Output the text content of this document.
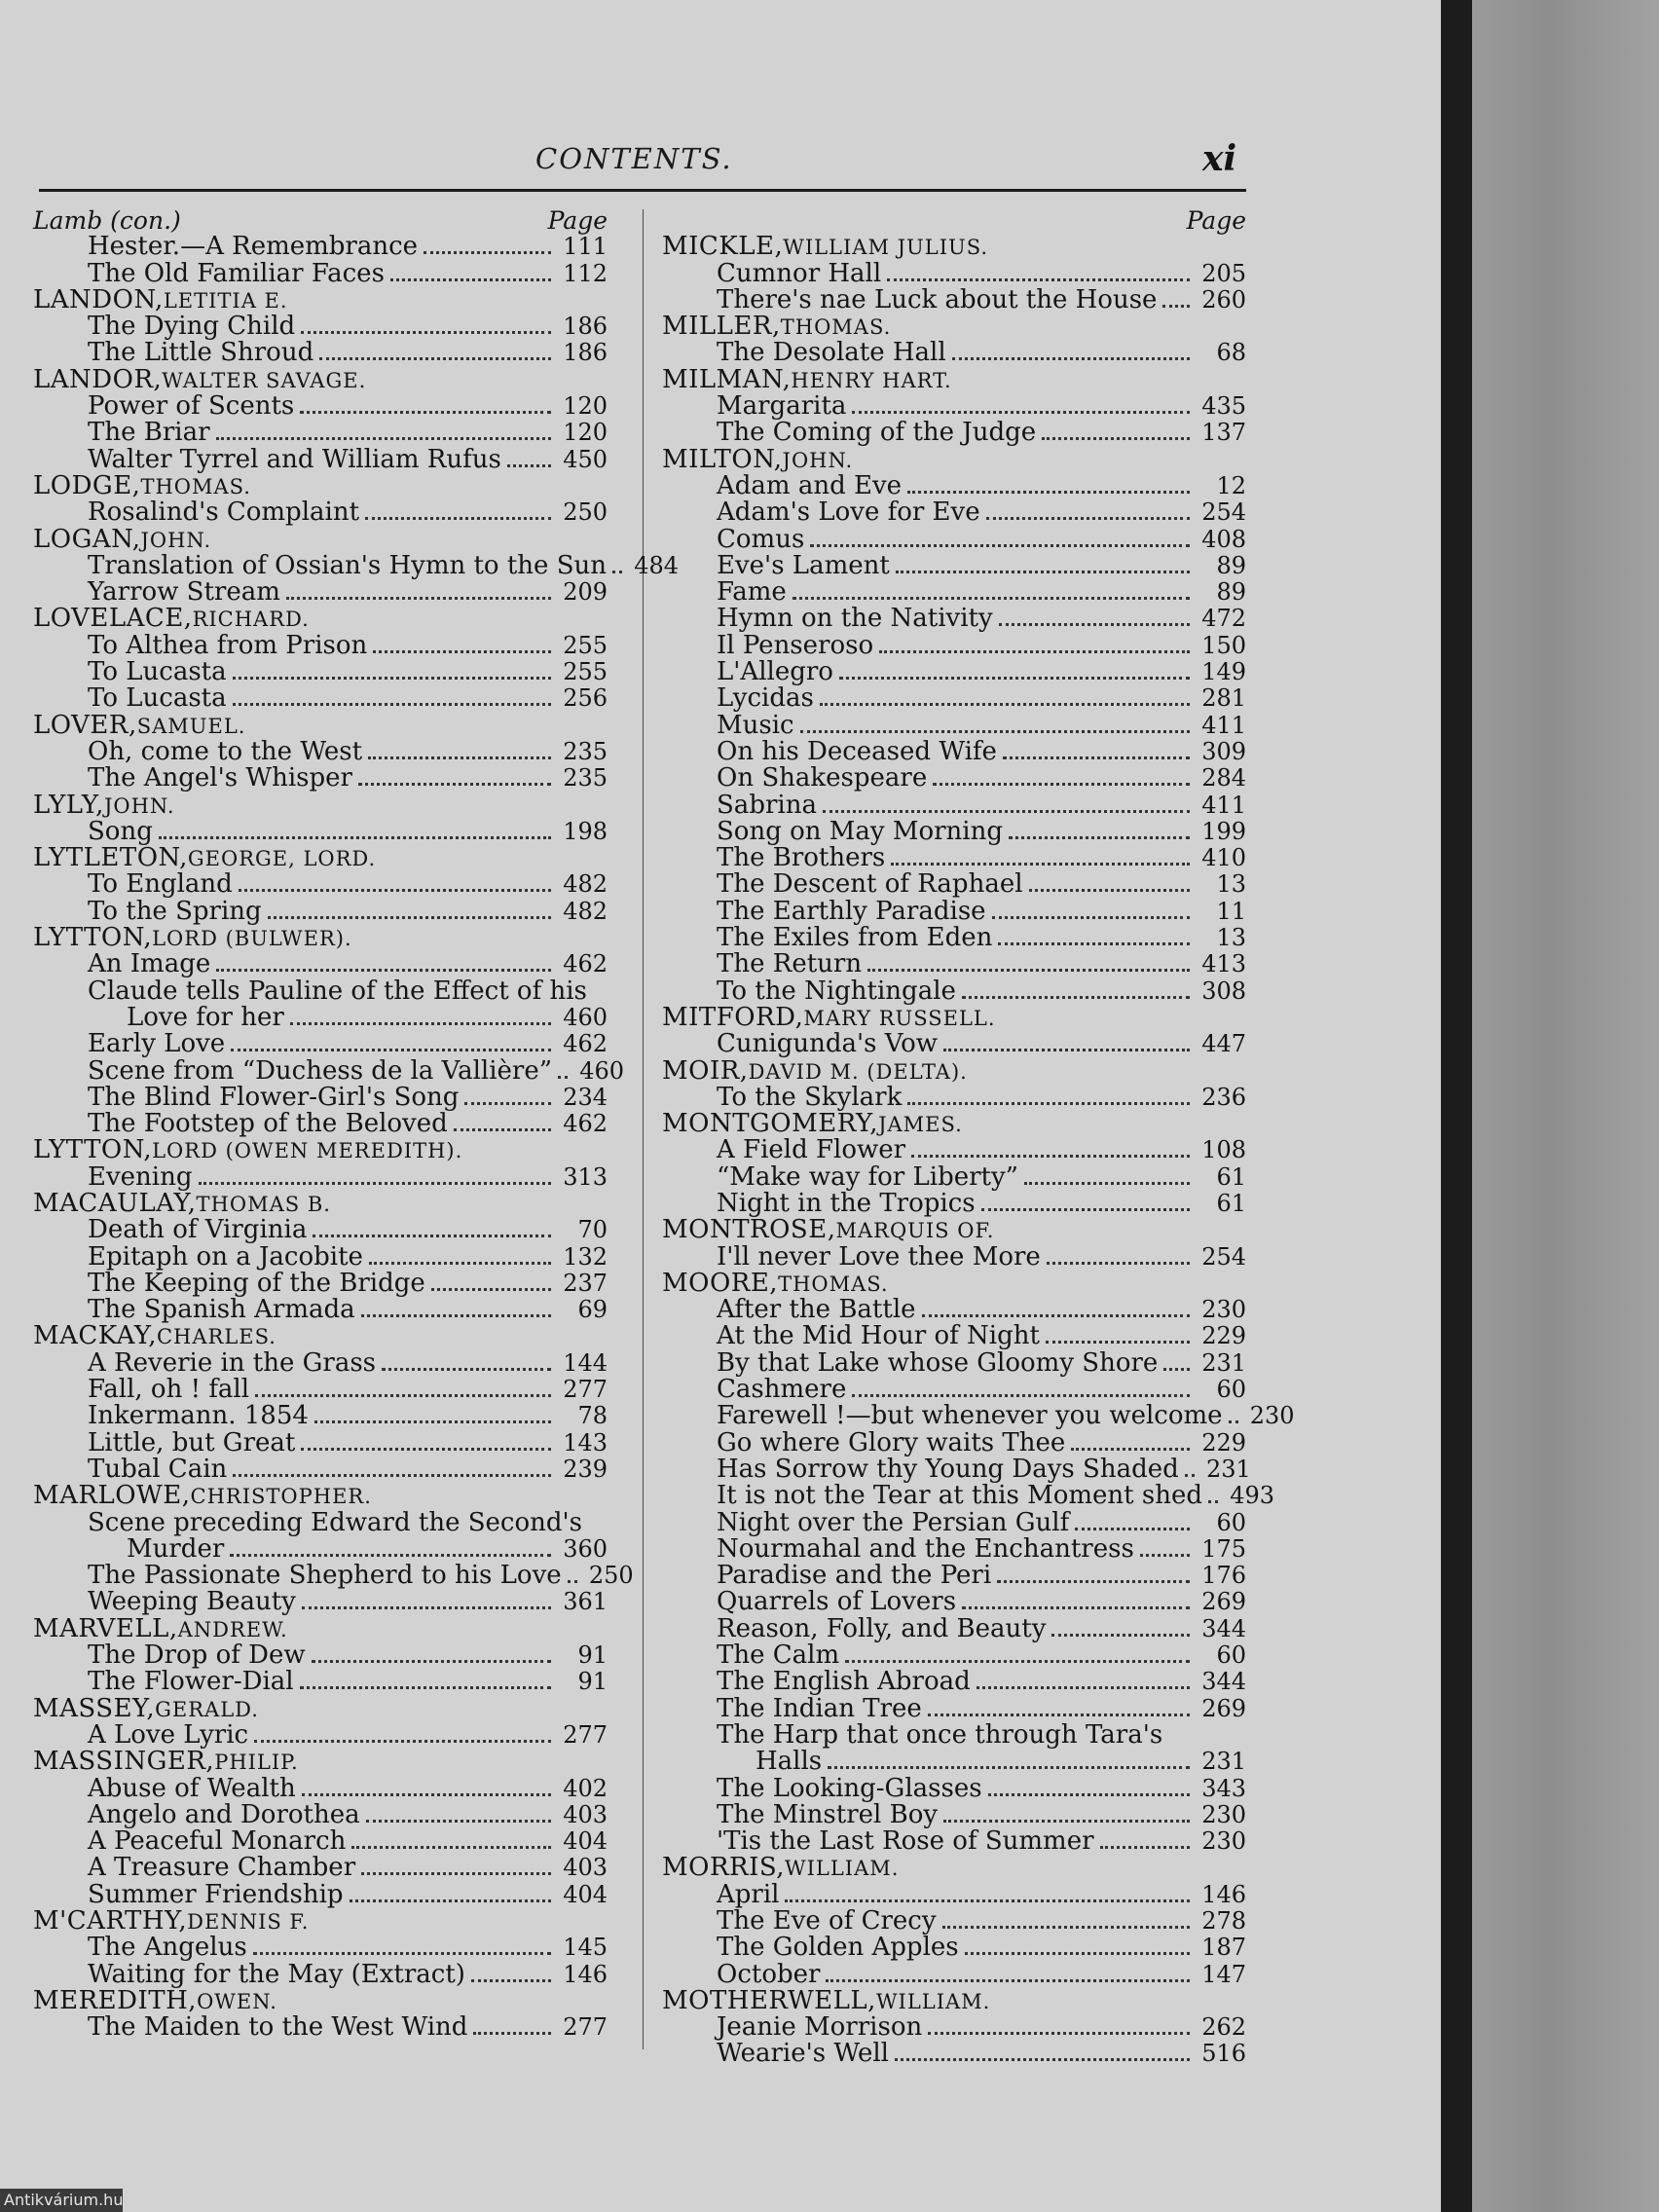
CONTENTS.	xi
Lamb (con.)	Page
Hester.—A Remembrance	111
The Old Familiar Faces	112
LANDON, LETITIA E.
The Dying Child	186
The Little Shroud	186
LANDOR, WALTER SAVAGE.
Power of Scents	120
The Briar	120
Walter Tyrrel and William Rufus	450
LODGE, THOMAS.
Rosalind's Complaint	250
LOGAN, JOHN.
Translation of Ossian's Hymn to the Sun 484
Yarrow Stream	209
LOVELACE, RICHARD.
To Althea from Prison	255
To Lucasta	255
To Lucasta	256
LOVER, SAMUEL.
Oh, come to the West	235
The Angel's Whisper	235
LYLY, JOHN.
Song	198
LYTLETON, GEORGE, LORD.
To England	482
To the Spring	482
LYTTON, LORD (BULWER).
An Image	462
Claude tells Pauline of the Effect of his
Love for her	460
Early Love	462
Scene from “Duchess de la Vallière” 460
The Blind Flower-Girl's Song	234
The Footstep of the Beloved	462
LYTTON, LORD (OWEN MEREDITH).
Evening	313
MACAULAY, THOMAS B.
Death of Virginia	70
Epitaph on a Jacobite	132
The Keeping of the Bridge	237
The Spanish Armada	69
MACKAY, CHARLES.
A Reverie in the Grass	144
Fall, oh ! fall	277
Inkermann. 1854	78
Little, but Great	143
Tubal Cain	239
MARLOWE, CHRISTOPHER.
Scene preceding Edward the Second's
Murder	360
The Passionate Shepherd to his Love 250
Weeping Beauty	361
MARVELL, ANDREW.
The Drop of Dew	91
The Flower-Dial	91
MASSEY, GERALD.
A Love Lyric	277
MASSINGER, PHILIP.
Abuse of Wealth	402
Angelo and Dorothea	403
A Peaceful Monarch	404
A Treasure Chamber	403
Summer Friendship	404
M'CARTHY, DENNIS F.
The Angelus	145
Waiting for the May (Extract)	146
MEREDITH, OWEN.
The Maiden to the West Wind	277
Page
MICKLE, WILLIAM JULIUS.
Cumnor Hall	205
There's nae Luck about the House 260
MILLER, THOMAS.
The Desolate Hall	68
MILMAN, HENRY HART.
Margarita	435
The Coming of the Judge	137
MILTON, JOHN.
Adam and Eve	12
Adam's Love for Eve	254
Comus	408
Eve's Lament	89
Fame	89
Hymn on the Nativity	472
Il Penseroso	150
L'Allegro	149
Lycidas	281
Music	411
On his Deceased Wife	309
On Shakespeare	284
Sabrina	411
Song on May Morning	199
The Brothers	410
The Descent of Raphael	13
The Earthly Paradise	11
The Exiles from Eden	13
The Return	413
To the Nightingale	308
MITFORD, MARY RUSSELL.
Cunigunda's Vow	447
MOIR, DAVID M. (DELTA).
To the Skylark	236
MONTGOMERY, JAMES.
A Field Flower	108
“Make way for Liberty”	61
Night in the Tropics	61
MONTROSE, MARQUIS OF.
I'll never Love thee More	254
MOORE, THOMAS.
After the Battle	230
At the Mid Hour of Night	229
By that Lake whose Gloomy Shore 231
Cashmere	60
Farewell !—but whenever you welcome 230
Go where Glory waits Thee	229
Has Sorrow thy Young Days Shaded 231
It is not the Tear at this Moment shed 493
Night over the Persian Gulf	60
Nourmahal and the Enchantress	175
Paradise and the Peri	176
Quarrels of Lovers	269
Reason, Folly, and Beauty	344
The Calm	60
The English Abroad	344
The Indian Tree	269
The Harp that once through Tara's
Halls	231
The Looking-Glasses	343
The Minstrel Boy	230
'Tis the Last Rose of Summer	230
MORRIS, WILLIAM.
April	146
The Eve of Crecy	278
The Golden Apples	187
October	147
MOTHERWELL, WILLIAM.
Jeanie Morrison	262
Wearie's Well	516
Antikvárium.hu
